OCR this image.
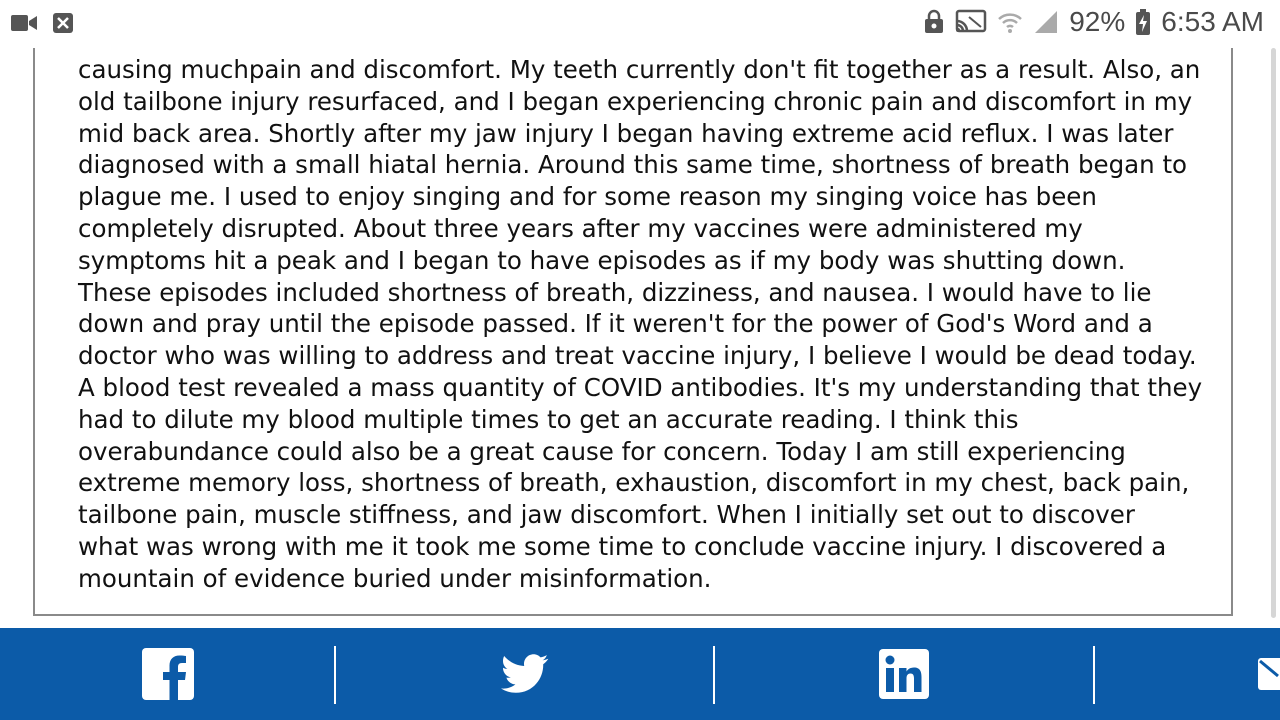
92% 6:53 AM
causing muchpain and discomfort. My teeth currently don't fit together as a result. Also, an
old tailbone injury resurfaced, and I began experiencing chronic pain and discomfort in my
mid back area. Shortly after my jaw injury I began having extreme acid reflux. I was later
diagnosed with a small hiatal hernia. Around this same time, shortness of breath began to
plague me. I used to enjoy singing and for some reason my singing voice has been
completely disrupted. About three years after my vaccines were administered my
symptoms hit a peak and I began to have episodes as if my body was shutting down.
These episodes included shortness of breath, dizziness, and nausea. I would have to lie
down and pray until the episode passed. If it weren't for the power of God's Word and a
doctor who was willing to address and treat vaccine injury, I believe I would be dead today.
A blood test revealed a mass quantity of COVID antibodies. It's my understanding that they
had to dilute my blood multiple times to get an accurate reading. I think this
overabundance could also be a great cause for concern. Today I am still experiencing
extreme memory loss, shortness of breath, exhaustion, discomfort in my chest, back pain,
tailbone pain, muscle stiffness, and jaw discomfort. When I initially set out to discover
what was wrong with me it took me some time to conclude vaccine injury. I discovered a
mountain of evidence buried under misinformation.
